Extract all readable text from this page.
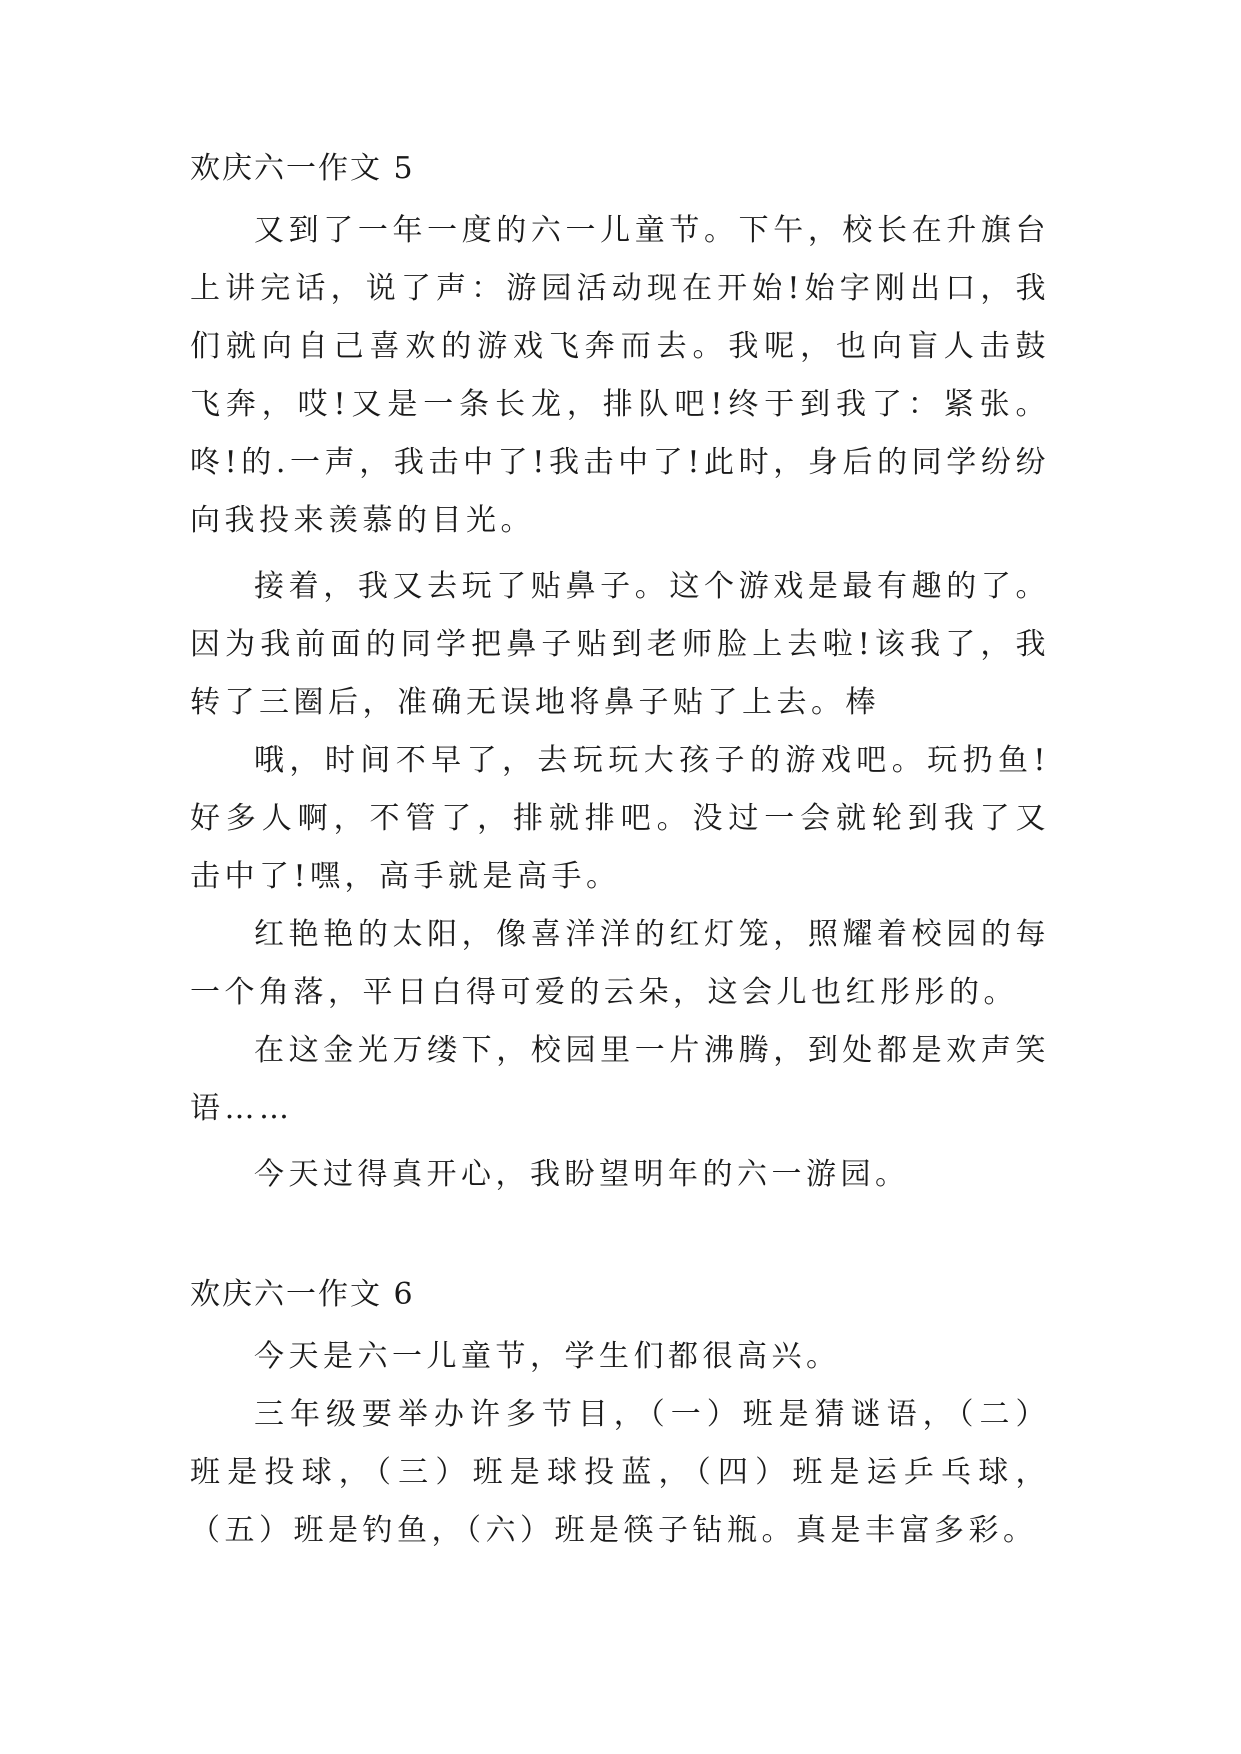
欢庆六一作文 5

又到了一年一度的六一儿童节。下午，校长在升旗台上讲完话，说了声：游园活动现在开始!始字刚出口，我们就向自己喜欢的游戏飞奔而去。我呢，也向盲人击鼓飞奔，哎!又是一条长龙，排队吧!终于到我了：紧张。咚!的.一声，我击中了!我击中了!此时，身后的同学纷纷向我投来羡慕的目光。

接着，我又去玩了贴鼻子。这个游戏是最有趣的了。因为我前面的同学把鼻子贴到老师脸上去啦!该我了，我转了三圈后，准确无误地将鼻子贴了上去。棒

哦，时间不早了，去玩玩大孩子的游戏吧。玩扔鱼!好多人啊，不管了，排就排吧。没过一会就轮到我了又击中了!嘿，高手就是高手。

红艳艳的太阳，像喜洋洋的红灯笼，照耀着校园的每一个角落，平日白得可爱的云朵，这会儿也红彤彤的。

在这金光万缕下，校园里一片沸腾，到处都是欢声笑语……

今天过得真开心，我盼望明年的六一游园。

欢庆六一作文 6

今天是六一儿童节，学生们都很高兴。

三年级要举办许多节目，（一）班是猜谜语，（二）班是投球，（三）班是球投蓝，（四）班是运乒乓球，（五）班是钓鱼，（六）班是筷子钻瓶。真是丰富多彩。
